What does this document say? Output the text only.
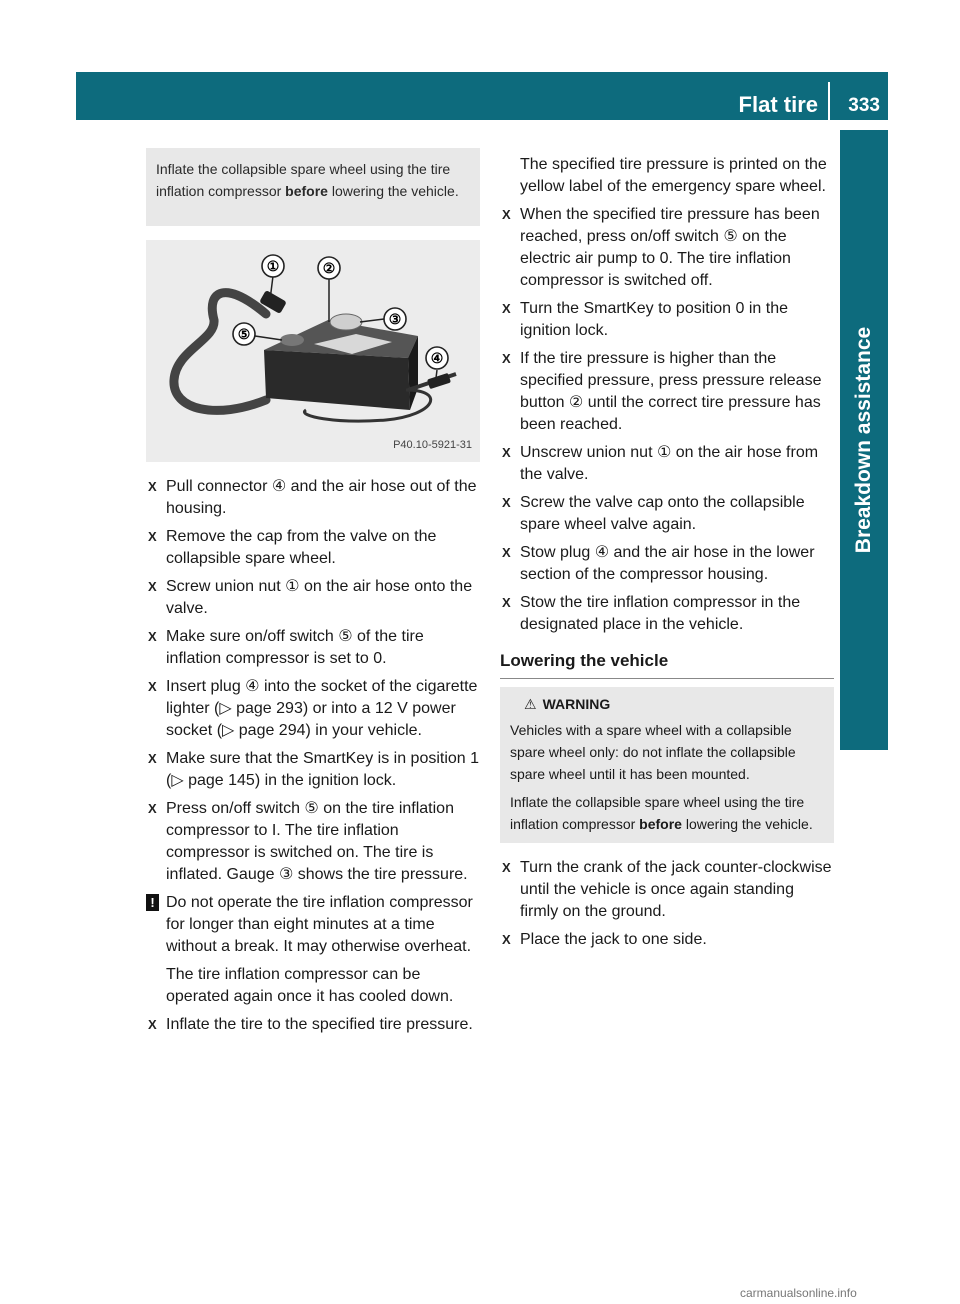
Flat tire 333
Breakdown assistance
Inflate the collapsible spare wheel using the tire inflation compressor before lowering the vehicle.
①	②
③
④
⑤
P40.10-5921-31
X Pull connector ④ and the air hose out of the housing.
X Remove the cap from the valve on the collapsible spare wheel.
X Screw union nut ① on the air hose onto the valve.
X Make sure on/off switch ⑤ of the tire inflation compressor is set to 0.
X Insert plug ④ into the socket of the cigarette lighter (▷ page 293) or into a 12 V power socket (▷ page 294) in your vehicle.
X Make sure that the SmartKey is in position 1 (▷ page 145) in the ignition lock.
X Press on/off switch ⑤ on the tire inflation compressor to I. The tire inflation compressor is switched on. The tire is inflated. Gauge ③ shows the tire pressure.
! Do not operate the tire inflation compressor for longer than eight minutes at a time without a break. It may otherwise overheat.
The tire inflation compressor can be operated again once it has cooled down.
X Inflate the tire to the specified tire pressure.
The specified tire pressure is printed on the yellow label of the emergency spare wheel.
X When the specified tire pressure has been reached, press on/off switch ⑤ on the electric air pump to 0. The tire inflation compressor is switched off.
X Turn the SmartKey to position 0 in the ignition lock.
X If the tire pressure is higher than the specified pressure, press pressure release button ② until the correct tire pressure has been reached.
X Unscrew union nut ① on the air hose from the valve.
X Screw the valve cap onto the collapsible spare wheel valve again.
X Stow plug ④ and the air hose in the lower section of the compressor housing.
X Stow the tire inflation compressor in the designated place in the vehicle.
Lowering the vehicle
⚠ WARNING
Vehicles with a spare wheel with a collapsible spare wheel only: do not inflate the collapsible spare wheel until it has been mounted.
Inflate the collapsible spare wheel using the tire inflation compressor before lowering the vehicle.
X Turn the crank of the jack counter-clockwise until the vehicle is once again standing firmly on the ground.
X Place the jack to one side.
carmanualsonline.info
